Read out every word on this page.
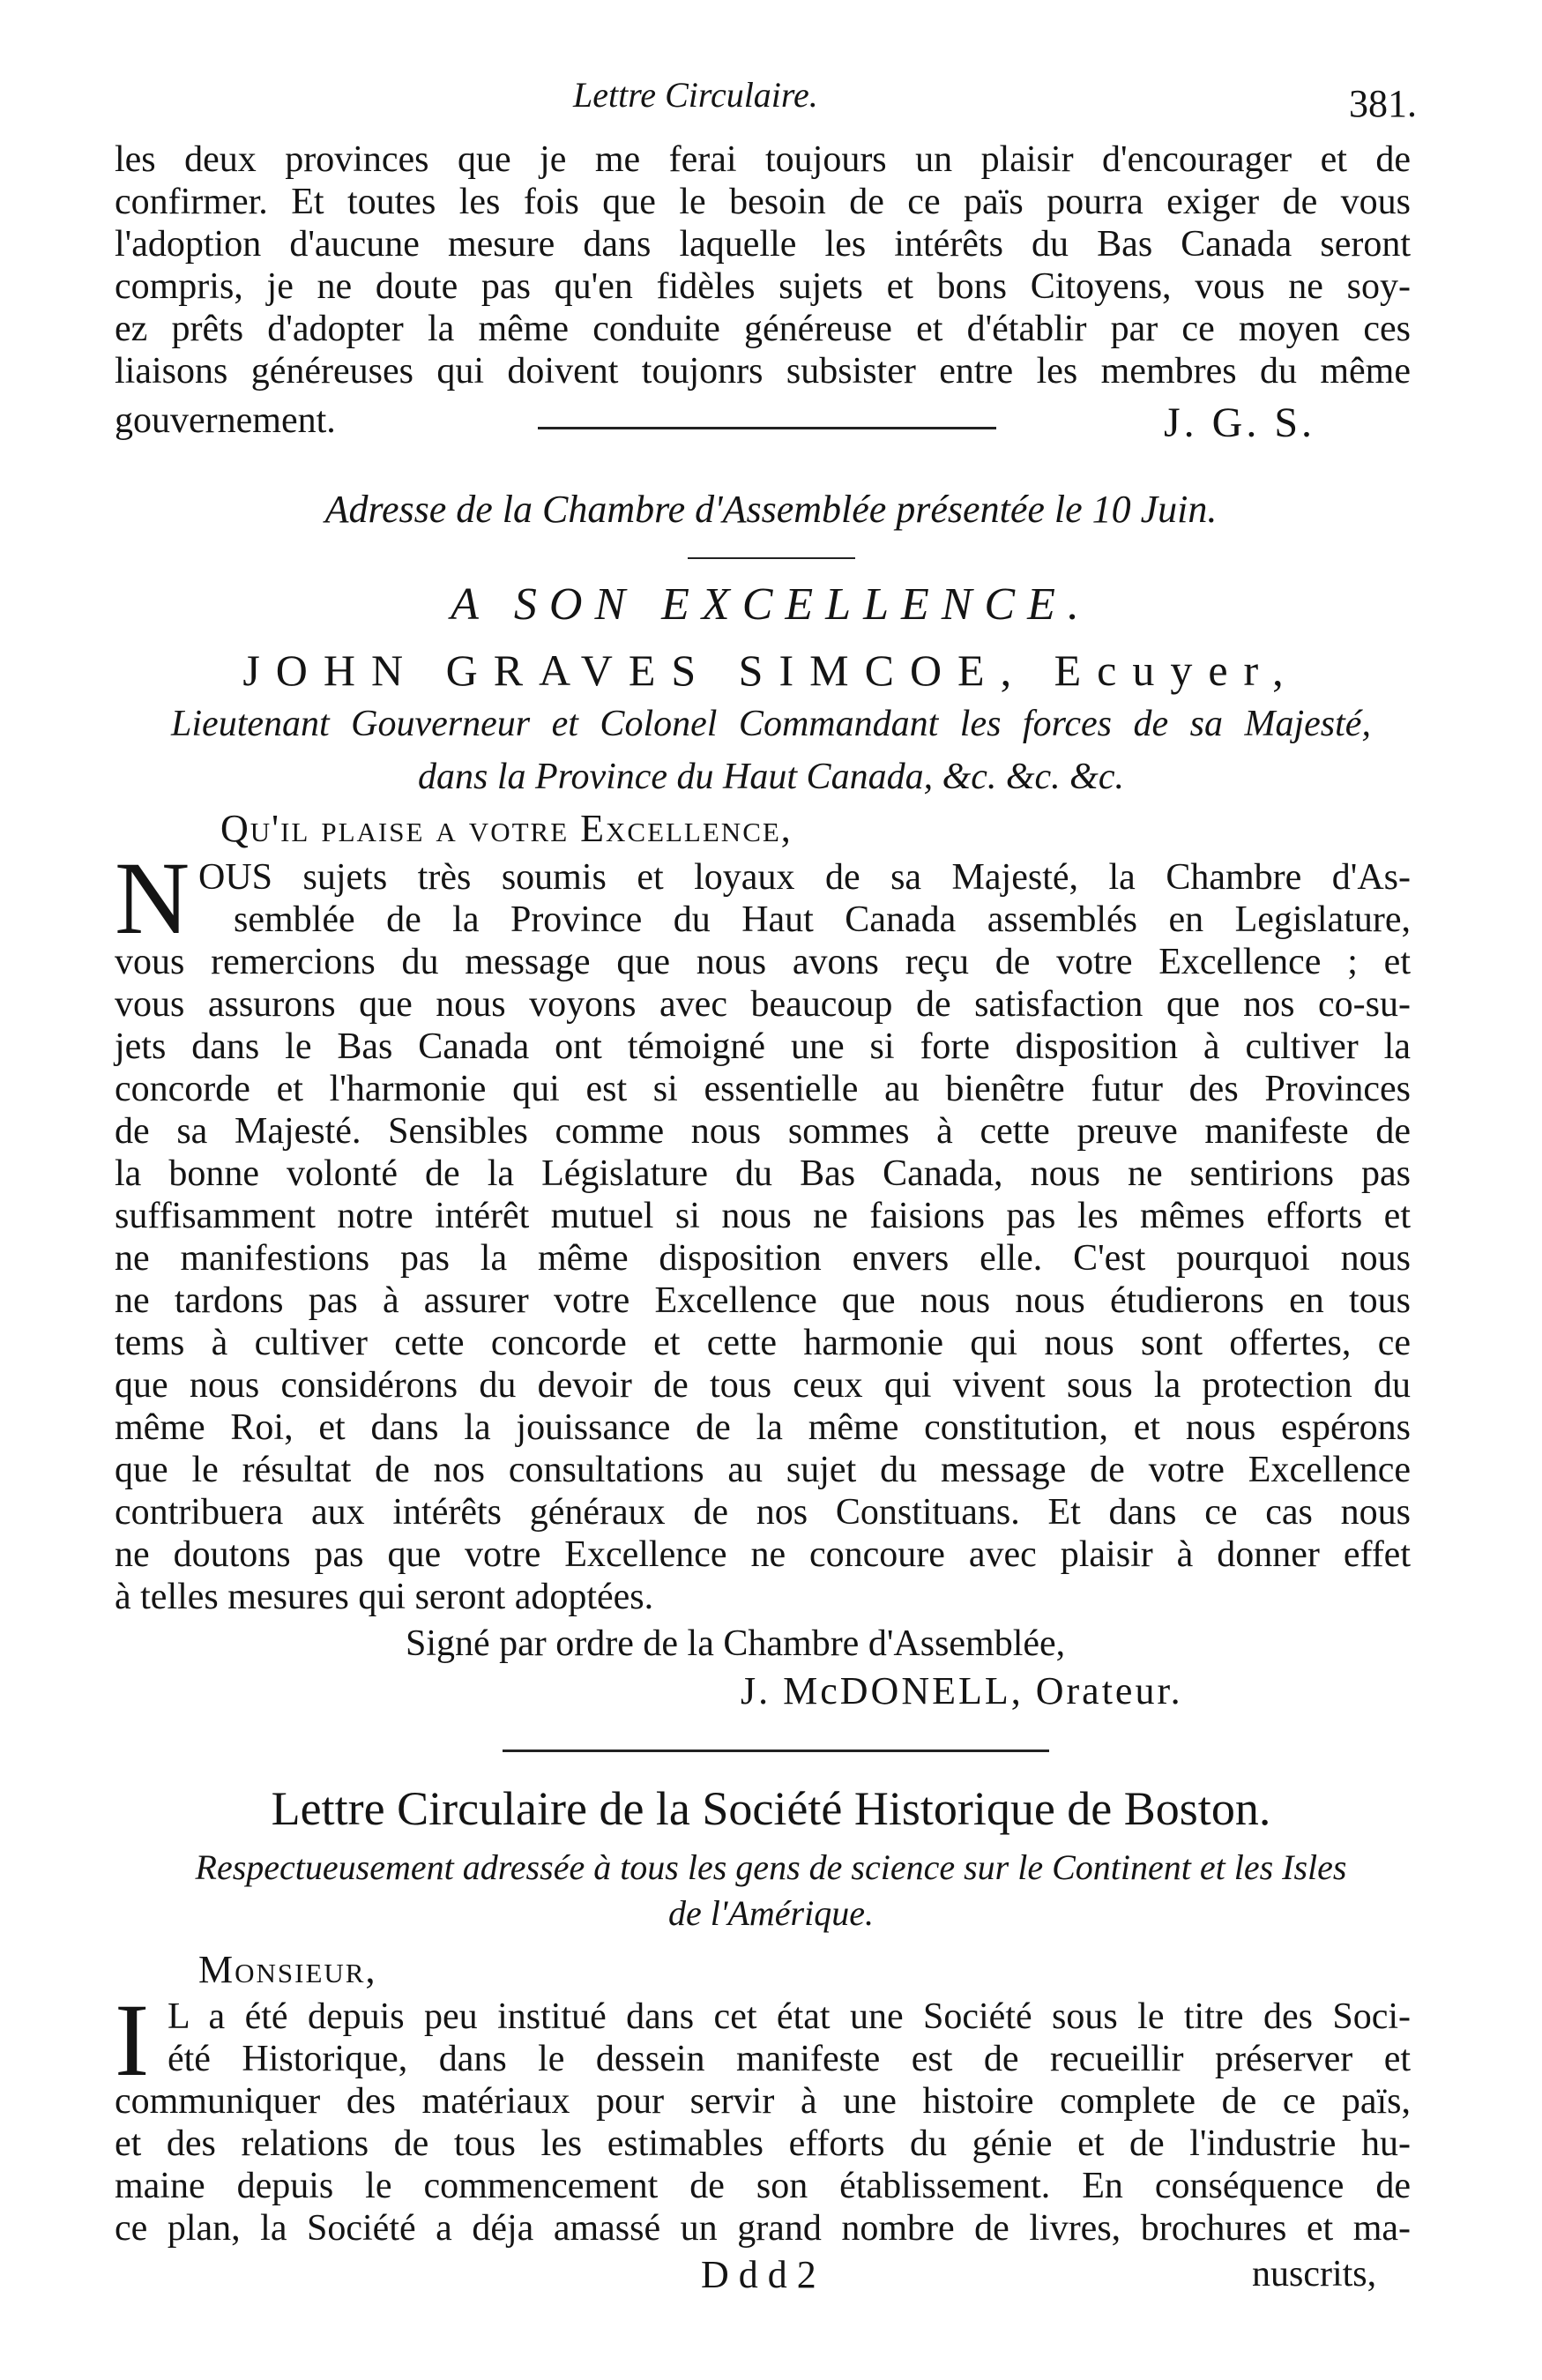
Lettre Circulaire.	381.
les deux provinces que je me ferai toujours un plaisir d'encourager et de
confirmer. Et toutes les fois que le besoin de ce païs pourra exiger de vous
l'adoption d'aucune mesure dans laquelle les intérêts du Bas Canada seront
compris, je ne doute pas qu'en fidèles sujets et bons Citoyens, vous ne soy-
ez prêts d'adopter la même conduite généreuse et d'établir par ce moyen ces
liaisons généreuses qui doivent toujonrs subsister entre les membres du même
gouvernement.	J. G. S.
Adresse de la Chambre d'Assemblée présentée le 10 Juin.
A SON EXCELLENCE.
JOHN GRAVES SIMCOE, Ecuyer,
Lieutenant Gouverneur et Colonel Commandant les forces de sa Majesté,
dans la Province du Haut Canada, &c. &c. &c.
Qu'il plaise a votre Excellence,
N OUS sujets très soumis et loyaux de sa Majesté, la Chambre d'As-
semblée de la Province du Haut Canada assemblés en Legislature,
vous remercions du message que nous avons reçu de votre Excellence ; et
vous assurons que nous voyons avec beaucoup de satisfaction que nos co-su-
jets dans le Bas Canada ont témoigné une si forte disposition à cultiver la
concorde et l'harmonie qui est si essentielle au bienêtre futur des Provinces
de sa Majesté. Sensibles comme nous sommes à cette preuve manifeste de
la bonne volonté de la Législature du Bas Canada, nous ne sentirions pas
suffisamment notre intérêt mutuel si nous ne faisions pas les mêmes efforts et
ne manifestions pas la même disposition envers elle. C'est pourquoi nous
ne tardons pas à assurer votre Excellence que nous nous étudierons en tous
tems à cultiver cette concorde et cette harmonie qui nous sont offertes, ce
que nous considérons du devoir de tous ceux qui vivent sous la protection du
même Roi, et dans la jouissance de la même constitution, et nous espérons
que le résultat de nos consultations au sujet du message de votre Excellence
contribuera aux intérêts généraux de nos Constituans. Et dans ce cas nous
ne doutons pas que votre Excellence ne concoure avec plaisir à donner effet
à telles mesures qui seront adoptées.
Signé par ordre de la Chambre d'Assemblée,
J. McDONELL, Orateur.
Lettre Circulaire de la Société Historique de Boston.
Respectueusement adressée à tous les gens de science sur le Continent et les Isles
de l'Amérique.
Monsieur,
I L a été depuis peu institué dans cet état une Société sous le titre des Soci-
été Historique, dans le dessein manifeste est de recueillir préserver et
communiquer des matériaux pour servir à une histoire complete de ce païs,
et des relations de tous les estimables efforts du génie et de l'industrie hu-
maine depuis le commencement de son établissement. En conséquence de
ce plan, la Société a déja amassé un grand nombre de livres, brochures et ma-
D d d 2	nuscrits,
